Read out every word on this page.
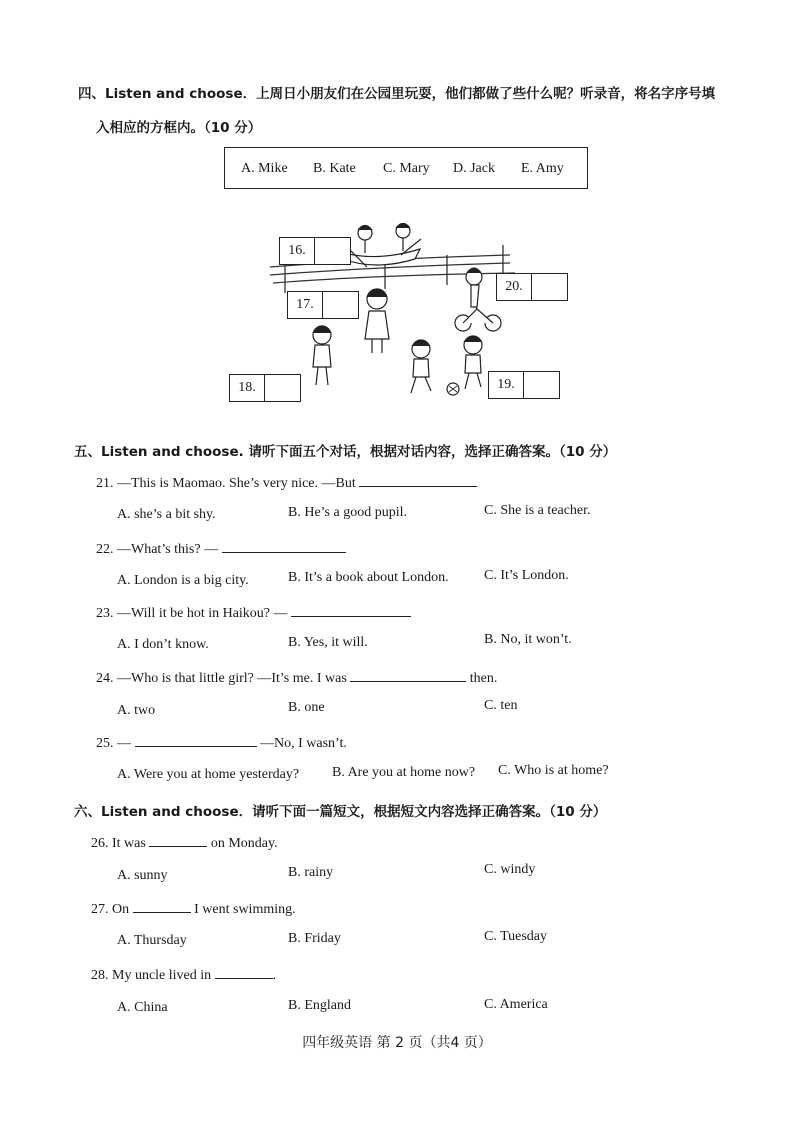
四、Listen and choose．上周日小朋友们在公园里玩耍，他们都做了些什么呢？听录音，将名字序号填
入相应的方框内。（10 分）
A. Mike B. Kate C. Mary D. Jack E. Amy
16.
17.
18.	19.
20.
五、Listen and choose. 请听下面五个对话，根据对话内容，选择正确答案。（10 分）
21. —This is Maomao. She’s very nice. —But
A. she’s a bit shy.	B. He’s a good pupil.	C. She is a teacher.
22. —What’s this? —
A. London is a big city.	B. It’s a book about London.	C. It’s London.
23. —Will it be hot in Haikou? —
A. I don’t know.	B. Yes, it will.	B. No, it won’t.
24. —Who is that little girl? —It’s me. I was	then.
A. two	B. one	C. ten
25. —	—No, I wasn’t.
A. Were you at home yesterday? B. Are you at home now? C. Who is at home?
六、Listen and choose．请听下面一篇短文，根据短文内容选择正确答案。（10 分）
26. It was	on Monday.
A. sunny	B. rainy	C. windy
27. On	I went swimming.
A. Thursday	B. Friday	C. Tuesday
28. My uncle lived in	.
A. China	B. England	C. America
四年级英语 第 2 页（共4 页）
